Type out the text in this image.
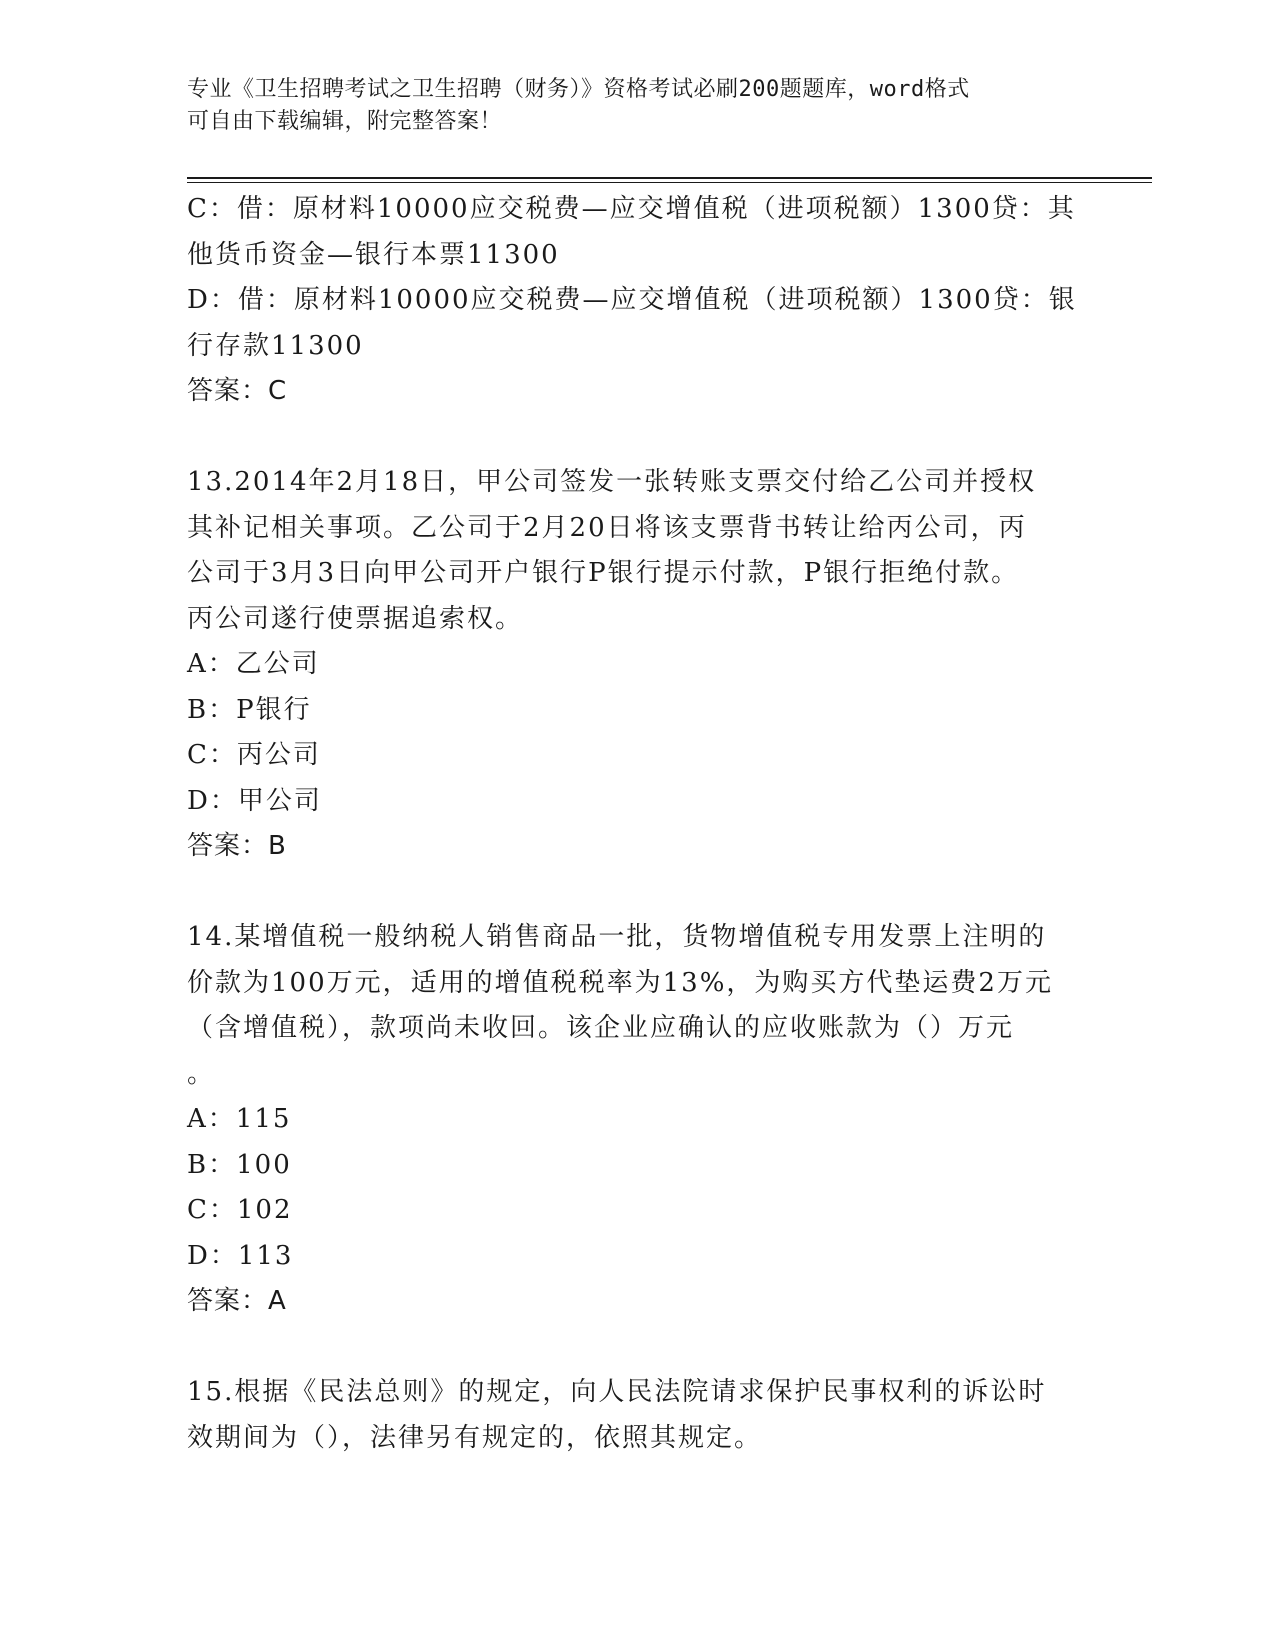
专业《卫生招聘考试之卫生招聘（财务）》资格考试必刷200题题库，word格式
可自由下载编辑，附完整答案！
C：借：原材料10000应交税费—应交增值税（进项税额）1300贷：其
他货币资金—银行本票11300
D：借：原材料10000应交税费—应交增值税（进项税额）1300贷：银
行存款11300
答案：C
13.2014年2月18日，甲公司签发一张转账支票交付给乙公司并授权
其补记相关事项。乙公司于2月20日将该支票背书转让给丙公司，丙
公司于3月3日向甲公司开户银行P银行提示付款，P银行拒绝付款。
丙公司遂行使票据追索权。
A：乙公司
B：P银行
C：丙公司
D：甲公司
答案：B
14.某增值税一般纳税人销售商品一批，货物增值税专用发票上注明的
价款为100万元，适用的增值税税率为13%，为购买方代垫运费2万元
（含增值税），款项尚未收回。该企业应确认的应收账款为（）万元
。
A：115
B：100
C：102
D：113
答案：A
15.根据《民法总则》的规定，向人民法院请求保护民事权利的诉讼时
效期间为（），法律另有规定的，依照其规定。
